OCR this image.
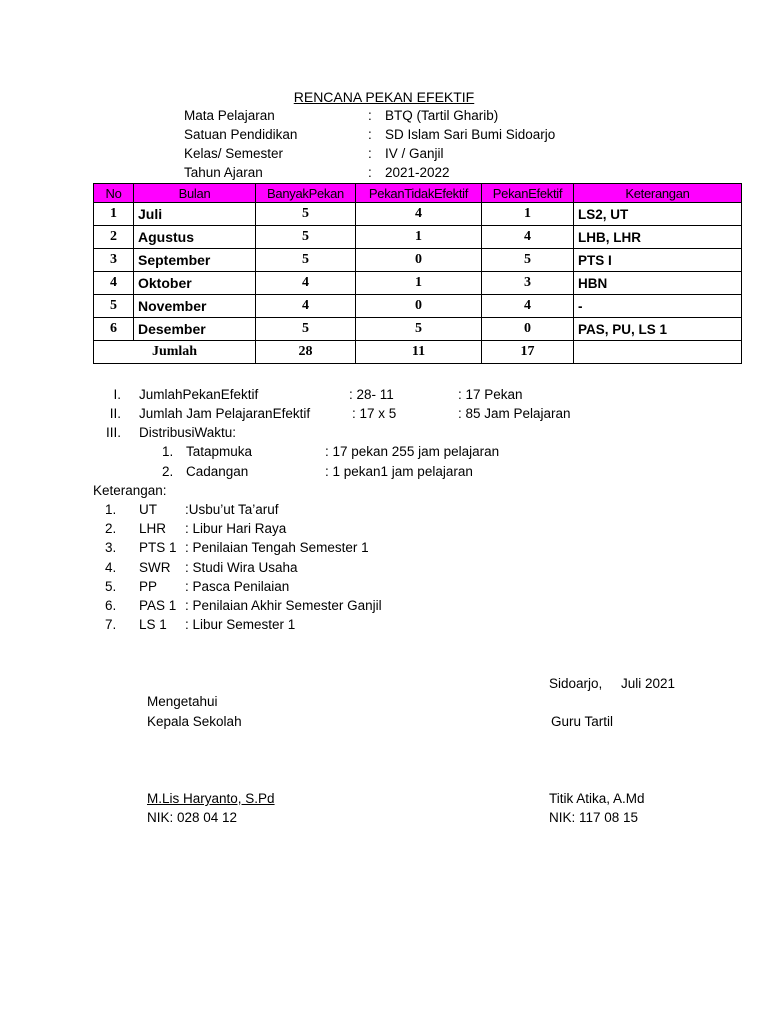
RENCANA PEKAN EFEKTIF
Mata Pelajaran	: BTQ (Tartil Gharib)
Satuan Pendidikan	: SD Islam Sari Bumi Sidoarjo
Kelas/ Semester	: IV / Ganjil
Tahun Ajaran	: 2021-2022
No	Bulan	BanyakPekan	PekanTidakEfektif	PekanEfektif	Keterangan
1	Juli	5	4	1	LS2, UT
2	Agustus	5	1	4	LHB, LHR
3	September	5	0	5	PTS I
4	Oktober	4	1	3	HBN
5	November	4	0	4	-
6	Desember	5	5	0	PAS, PU, LS 1
Jumlah		28	11	17	
I. JumlahPekanEfektif	: 28- 11	: 17 Pekan
II. Jumlah Jam PelajaranEfektif	: 17 x 5	: 85 Jam Pelajaran
III. DistribusiWaktu:
1. Tatapmuka	: 17 pekan 255 jam pelajaran
2. Cadangan	: 1 pekan1 jam pelajaran
Keterangan:
1. UT :Usbu’ut Ta’aruf
2. LHR : Libur Hari Raya
3. PTS 1 : Penilaian Tengah Semester 1
4. SWR : Studi Wira Usaha
5. PP : Pasca Penilaian
6. PAS 1 : Penilaian Akhir Semester Ganjil
7. LS 1 : Libur Semester 1
Sidoarjo, Juli 2021
Mengetahui
Kepala Sekolah	Guru Tartil
M.Lis Haryanto, S.Pd
NIK: 028 04 12
Titik Atika, A.Md
NIK: 117 08 15
